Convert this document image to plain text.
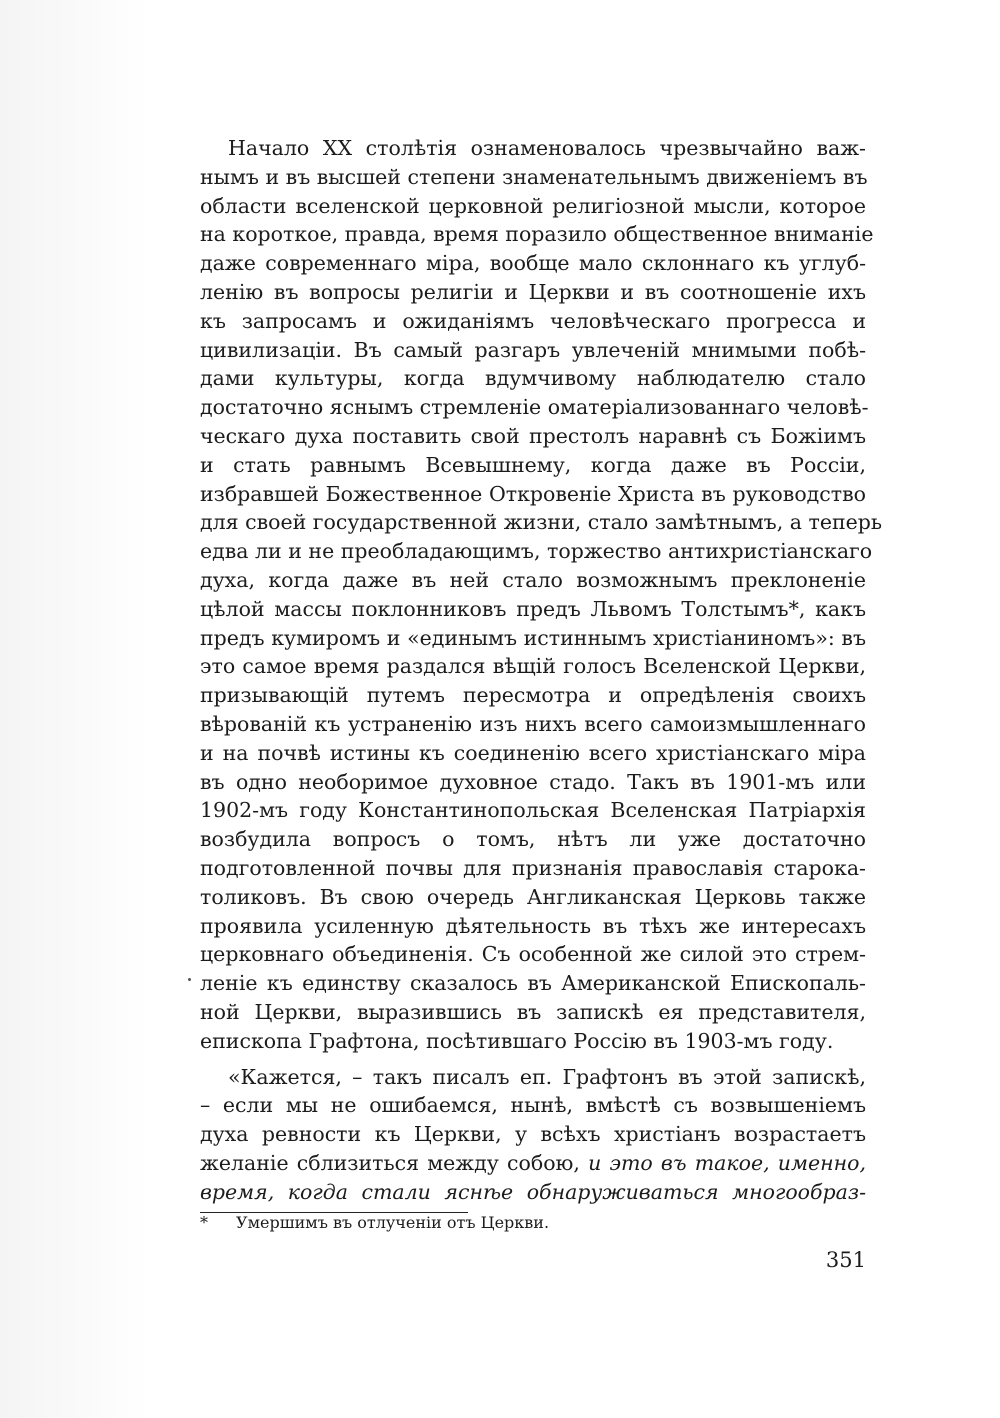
Начало XX столѣтія ознаменовалось чрезвычайно важ-
нымъ и въ высшей степени знаменательнымъ движеніемъ въ
области вселенской церковной религіозной мысли, которое
на короткое, правда, время поразило общественное вниманіе
даже современнаго міра, вообще мало склоннаго къ углуб-
ленію въ вопросы религіи и Церкви и въ соотношеніе ихъ
къ запросамъ и ожиданіямъ человѣческаго прогресса и
цивилизаціи. Въ самый разгаръ увлеченій мнимыми побѣ-
дами культуры, когда вдумчивому наблюдателю стало
достаточно яснымъ стремленіе оматеріализованнаго человѣ-
ческаго духа поставить свой престолъ наравнѣ съ Божіимъ
и стать равнымъ Всевышнему, когда даже въ Россіи,
избравшей Божественное Откровеніе Христа въ руководство
для своей государственной жизни, стало замѣтнымъ, а теперь
едва ли и не преобладающимъ, торжество антихристіанскаго
духа, когда даже въ ней стало возможнымъ преклоненіе
цѣлой массы поклонниковъ предъ Львомъ Толстымъ*, какъ
предъ кумиромъ и «единымъ истиннымъ христіаниномъ»: въ
это самое время раздался вѣщій голосъ Вселенской Церкви,
призывающій путемъ пересмотра и опредѣленія своихъ
вѣрованій къ устраненію изъ нихъ всего самоизмышленнаго
и на почвѣ истины къ соединенію всего христіанскаго міра
въ одно необоримое духовное стадо. Такъ въ 1901-мъ или
1902-мъ году Константинопольская Вселенская Патріархія
возбудила вопросъ о томъ, нѣтъ ли уже достаточно
подготовленной почвы для признанія православія старока-
толиковъ. Въ свою очередь Англиканская Церковь также
проявила усиленную дѣятельность въ тѣхъ же интересахъ
церковнаго объединенія. Съ особенной же силой это стрем-
леніе къ единству сказалось въ Американской Епископаль-
ной Церкви, выразившись въ запискѣ ея представителя,
епископа Графтона, посѣтившаго Россію въ 1903-мъ году.
«Кажется, – такъ писалъ еп. Графтонъ въ этой запискѣ,
– если мы не ошибаемся, нынѣ, вмѣстѣ съ возвышеніемъ
духа ревности къ Церкви, у всѣхъ христіанъ возрастаетъ
желаніе сблизиться между собою, и это въ такое, именно,
время, когда стали яснѣе обнаруживаться многообраз-
* Умершимъ въ отлученіи отъ Церкви.
351
